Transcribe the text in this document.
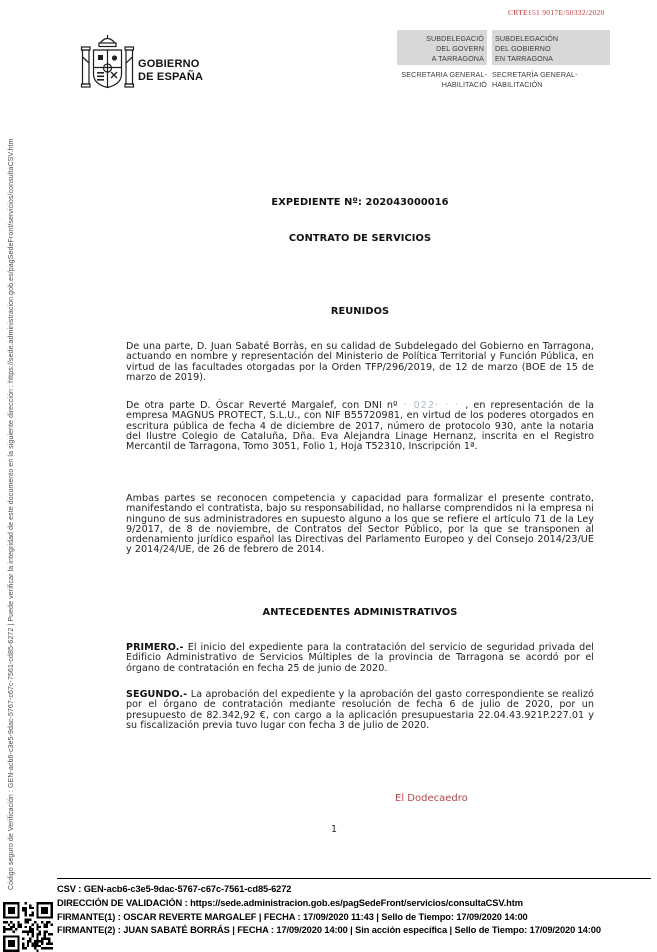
Código seguro de Verificación : GEN-acb6-c3e5-9dac-5767-c67c-7561-cd85-6272 | Puede verificar la integridad de este documento en la siguiente dirección : https://sede.administracion.gob.es/pagSedeFront/servicios/consultaCSV.htm
GOBIERNO
DE ESPAÑA
CRTE151 9017E/50332/2020
SUBDELEGACIÓ
DEL GOVERN
A TARRAGONA
SUBDELEGACIÓN
DEL GOBIERNO
EN TARRAGONA
SECRETARIA GENERAL-
HABILITACIÓ
SECRETARÍA GENERAL-
HABILITACIÓN
EXPEDIENTE Nº: 202043000016
CONTRATO DE SERVICIOS
REUNIDOS
De una parte, D. Juan Sabaté Borràs, en su calidad de Subdelegado del Gobierno en Tarragona, actuando en nombre y representación del Ministerio de Política Territorial y Función Pública, en virtud de las facultades otorgadas por la Orden TFP/296/2019, de 12 de marzo (BOE de 15 de marzo de 2019).
De otra parte D. Óscar Reverté Margalef, con DNI nº · 022· · · , en representación de la empresa MAGNUS PROTECT, S.L.U., con NIF B55720981, en virtud de los poderes otorgados en escritura pública de fecha 4 de diciembre de 2017, número de protocolo 930, ante la notaria del Ilustre Colegio de Cataluña, Dña. Eva Alejandra Linage Hernanz, inscrita en el Registro Mercantil de Tarragona, Tomo 3051, Folio 1, Hoja T52310, Inscripción 1ª.
Ambas partes se reconocen competencia y capacidad para formalizar el presente contrato, manifestando el contratista, bajo su responsabilidad, no hallarse comprendidos ni la empresa ni ninguno de sus administradores en supuesto alguno a los que se refiere el artículo 71 de la Ley 9/2017, de 8 de noviembre, de Contratos del Sector Público, por la que se transponen al ordenamiento jurídico español las Directivas del Parlamento Europeo y del Consejo 2014/23/UE y 2014/24/UE, de 26 de febrero de 2014.
ANTECEDENTES ADMINISTRATIVOS
PRIMERO.- El inicio del expediente para la contratación del servicio de seguridad privada del Edificio Administrativo de Servicios Múltiples de la provincia de Tarragona se acordó por el órgano de contratación en fecha 25 de junio de 2020.
SEGUNDO.- La aprobación del expediente y la aprobación del gasto correspondiente se realizó por el órgano de contratación mediante resolución de fecha 6 de julio de 2020, por un presupuesto de 82.342,92 €, con cargo a la aplicación presupuestaria 22.04.43.921P.227.01 y su fiscalización previa tuvo lugar con fecha 3 de julio de 2020.
El Dodecaedro
1
CSV : GEN-acb6-c3e5-9dac-5767-c67c-7561-cd85-6272
DIRECCIÓN DE VALIDACIÓN : https://sede.administracion.gob.es/pagSedeFront/servicios/consultaCSV.htm
FIRMANTE(1) : OSCAR REVERTE MARGALEF | FECHA : 17/09/2020 11:43 | Sello de Tiempo: 17/09/2020 14:00
FIRMANTE(2) : JUAN SABATÉ BORRÁS | FECHA : 17/09/2020 14:00 | Sin acción específica | Sello de Tiempo: 17/09/2020 14:00
